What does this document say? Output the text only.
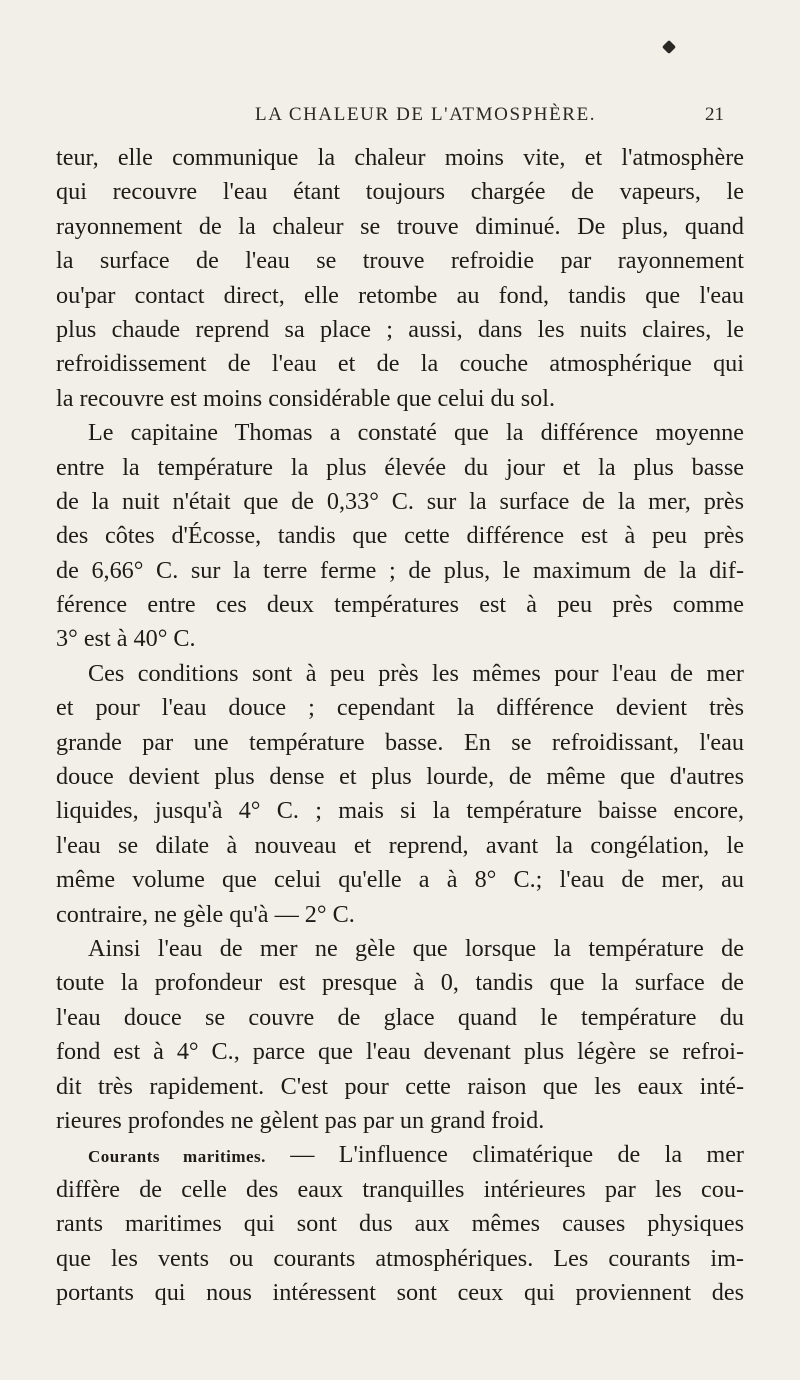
LA CHALEUR DE L'ATMOSPHÈRE.	21
teur, elle communique la chaleur moins vite, et l'atmosphère
qui recouvre l'eau étant toujours chargée de vapeurs, le
rayonnement de la chaleur se trouve diminué. De plus, quand
la surface de l'eau se trouve refroidie par rayonnement
ou'par contact direct, elle retombe au fond, tandis que l'eau
plus chaude reprend sa place ; aussi, dans les nuits claires, le
refroidissement de l'eau et de la couche atmosphérique qui
la recouvre est moins considérable que celui du sol.
Le capitaine Thomas a constaté que la différence moyenne
entre la température la plus élevée du jour et la plus basse
de la nuit n'était que de 0,33° C. sur la surface de la mer, près
des côtes d'Écosse, tandis que cette différence est à peu près
de 6,66° C. sur la terre ferme ; de plus, le maximum de la dif-
férence entre ces deux températures est à peu près comme
3° est à 40° C.
Ces conditions sont à peu près les mêmes pour l'eau de mer
et pour l'eau douce ; cependant la différence devient très
grande par une température basse. En se refroidissant, l'eau
douce devient plus dense et plus lourde, de même que d'autres
liquides, jusqu'à 4° C. ; mais si la température baisse encore,
l'eau se dilate à nouveau et reprend, avant la congélation, le
même volume que celui qu'elle a à 8° C.; l'eau de mer, au
contraire, ne gèle qu'à — 2° C.
Ainsi l'eau de mer ne gèle que lorsque la température de
toute la profondeur est presque à 0, tandis que la surface de
l'eau douce se couvre de glace quand le température du
fond est à 4° C., parce que l'eau devenant plus légère se refroi-
dit très rapidement. C'est pour cette raison que les eaux inté-
rieures profondes ne gèlent pas par un grand froid.
Courants maritimes. — L'influence climatérique de la mer
diffère de celle des eaux tranquilles intérieures par les cou-
rants maritimes qui sont dus aux mêmes causes physiques
que les vents ou courants atmosphériques. Les courants im-
portants qui nous intéressent sont ceux qui proviennent des
